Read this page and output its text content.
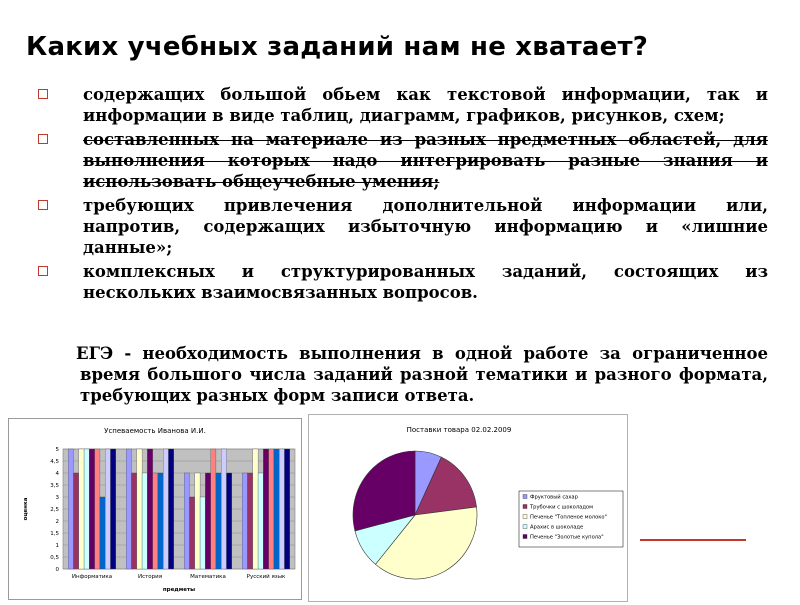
Каких учебных заданий нам не хватает?
содержащих большой обьем как текстовой информации, так и информации в виде таблиц, диаграмм, графиков, рисунков, схем;
составленных на материале из разных предметных областей, для выполнения которых надо интегрировать разные знания и использовать общеучебные умения;
требующих привлечения дополнительной информации или, напротив, содержащих избыточную информацию и «лишние данные»;
комплексных и структурированных заданий, состоящих из нескольких взаимосвязанных вопросов.
ЕГЭ - необходимость выполнения в одной работе за ограниченное время большого числа заданий разной тематики и разного формата, требующих разных форм записи ответа.
Успеваемость Иванова И.И.
0
0,5
1
1,5
2
2,5
3
3,5
4
4,5
5
оценка
Информатика	История	Математика	Русский язык
предметы
Поставки товара 02.02.2009
Фруктовый сахар
Трубочки с шоколадом
Печенье "Топленое молоко"
Арахис в шоколаде
Печенье "Золотые купола"
